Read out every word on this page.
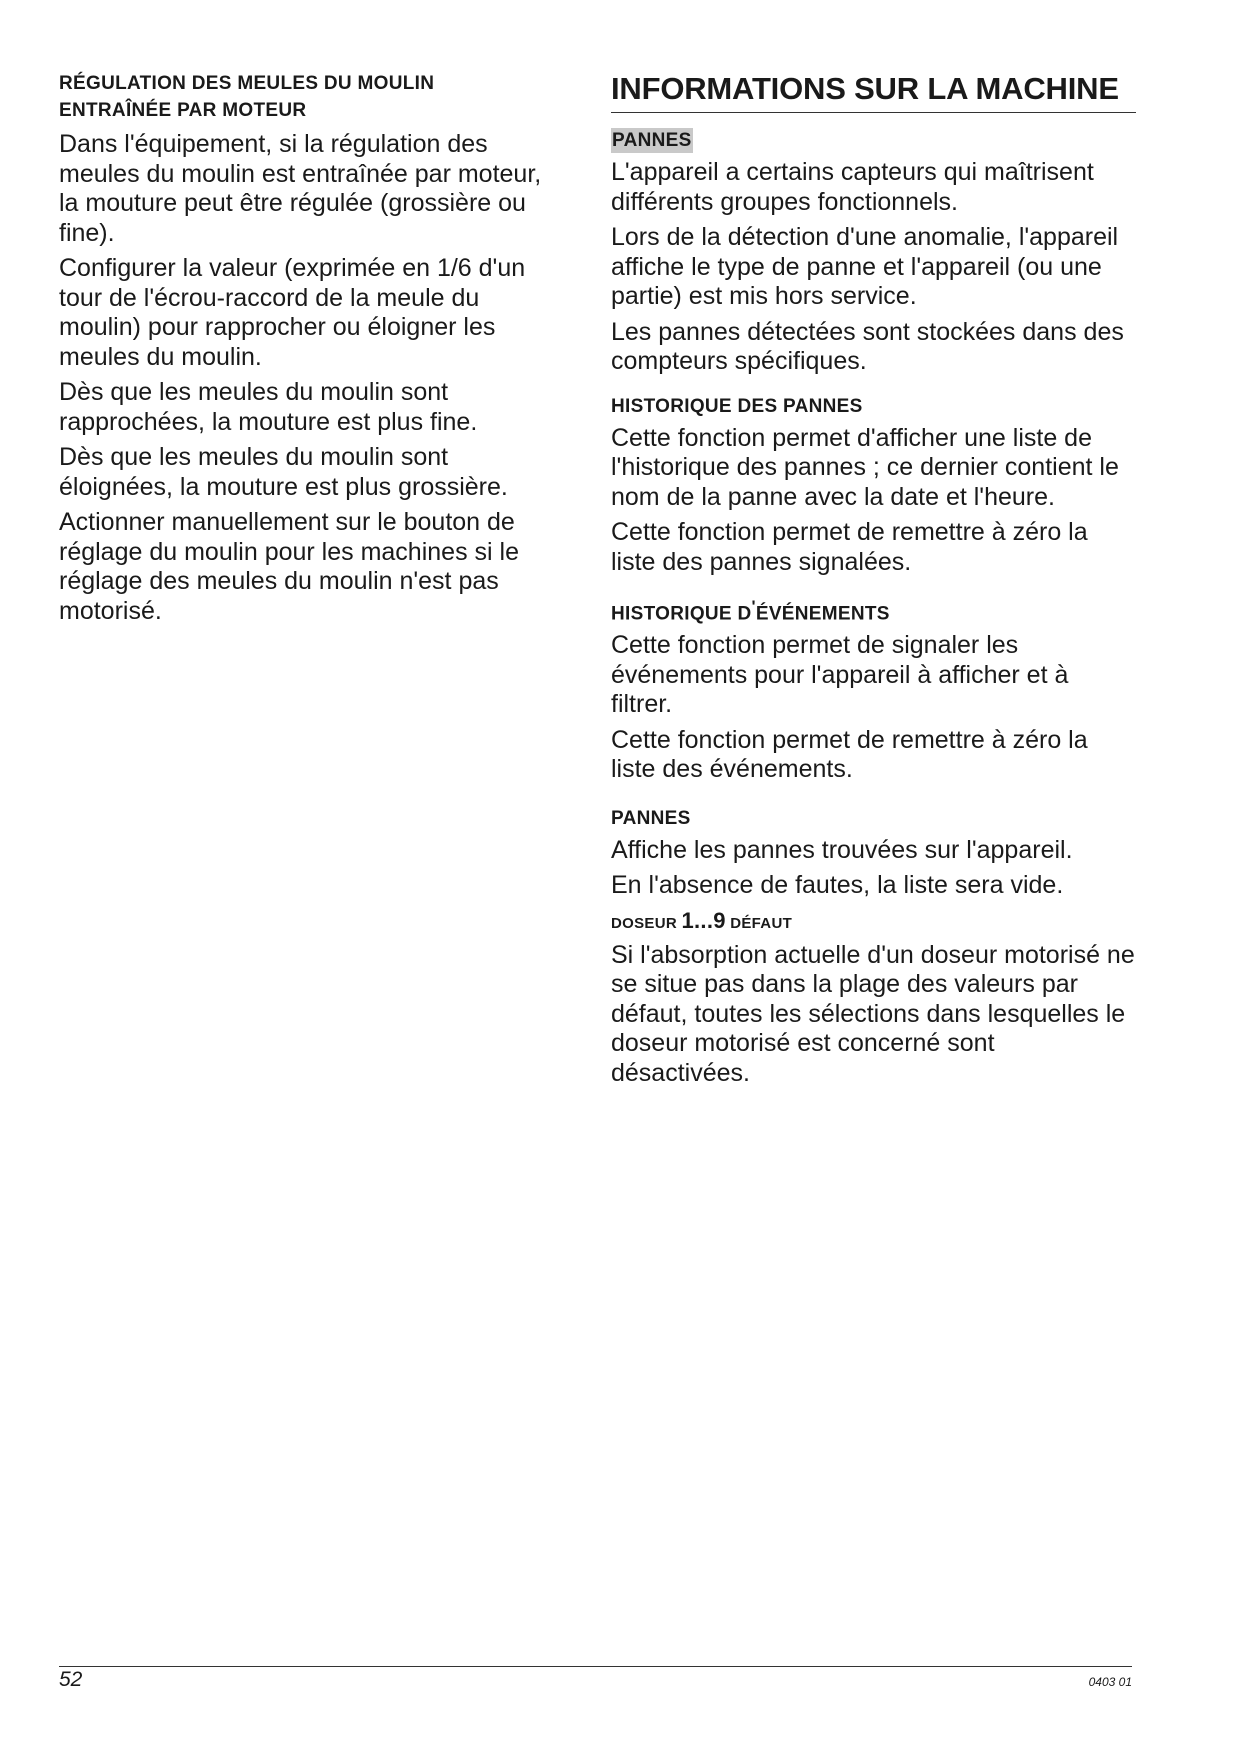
RÉGULATION DES MEULES DU MOULIN
ENTRAÎNÉE PAR MOTEUR

Dans l'équipement, si la régulation des meules du moulin est entraînée par moteur, la mouture peut être régulée (grossière ou fine).

Configurer la valeur (exprimée en 1/6 d'un tour de l'écrou-raccord de la meule du moulin) pour rapprocher ou éloigner les meules du moulin.

Dès que les meules du moulin sont rapprochées, la mouture est plus fine.

Dès que les meules du moulin sont éloignées, la mouture est plus grossière.

Actionner manuellement sur le bouton de réglage du moulin pour les machines si le réglage des meules du moulin n'est pas motorisé.

INFORMATIONS SUR LA MACHINE
PANNES

L'appareil a certains capteurs qui maîtrisent différents groupes fonctionnels.

Lors de la détection d'une anomalie, l'appareil affiche le type de panne et l'appareil (ou une partie) est mis hors service.

Les pannes détectées sont stockées dans des compteurs spécifiques.

HISTORIQUE DES PANNES

Cette fonction permet d'afficher une liste de l'historique des pannes ; ce dernier contient le nom de la panne avec la date et l'heure.

Cette fonction permet de remettre à zéro la liste des pannes signalées.

HISTORIQUE D'ÉVÉNEMENTS

Cette fonction permet de signaler les événements pour l'appareil à afficher et à filtrer.

Cette fonction permet de remettre à zéro la liste des événements.

PANNES

Affiche les pannes trouvées sur l'appareil.

En l'absence de fautes, la liste sera vide.

DOSEUR 1...9 DÉFAUT

Si l'absorption actuelle d'un doseur motorisé ne se situe pas dans la plage des valeurs par défaut, toutes les sélections dans lesquelles le doseur motorisé est concerné sont désactivées.

52	0403 01
